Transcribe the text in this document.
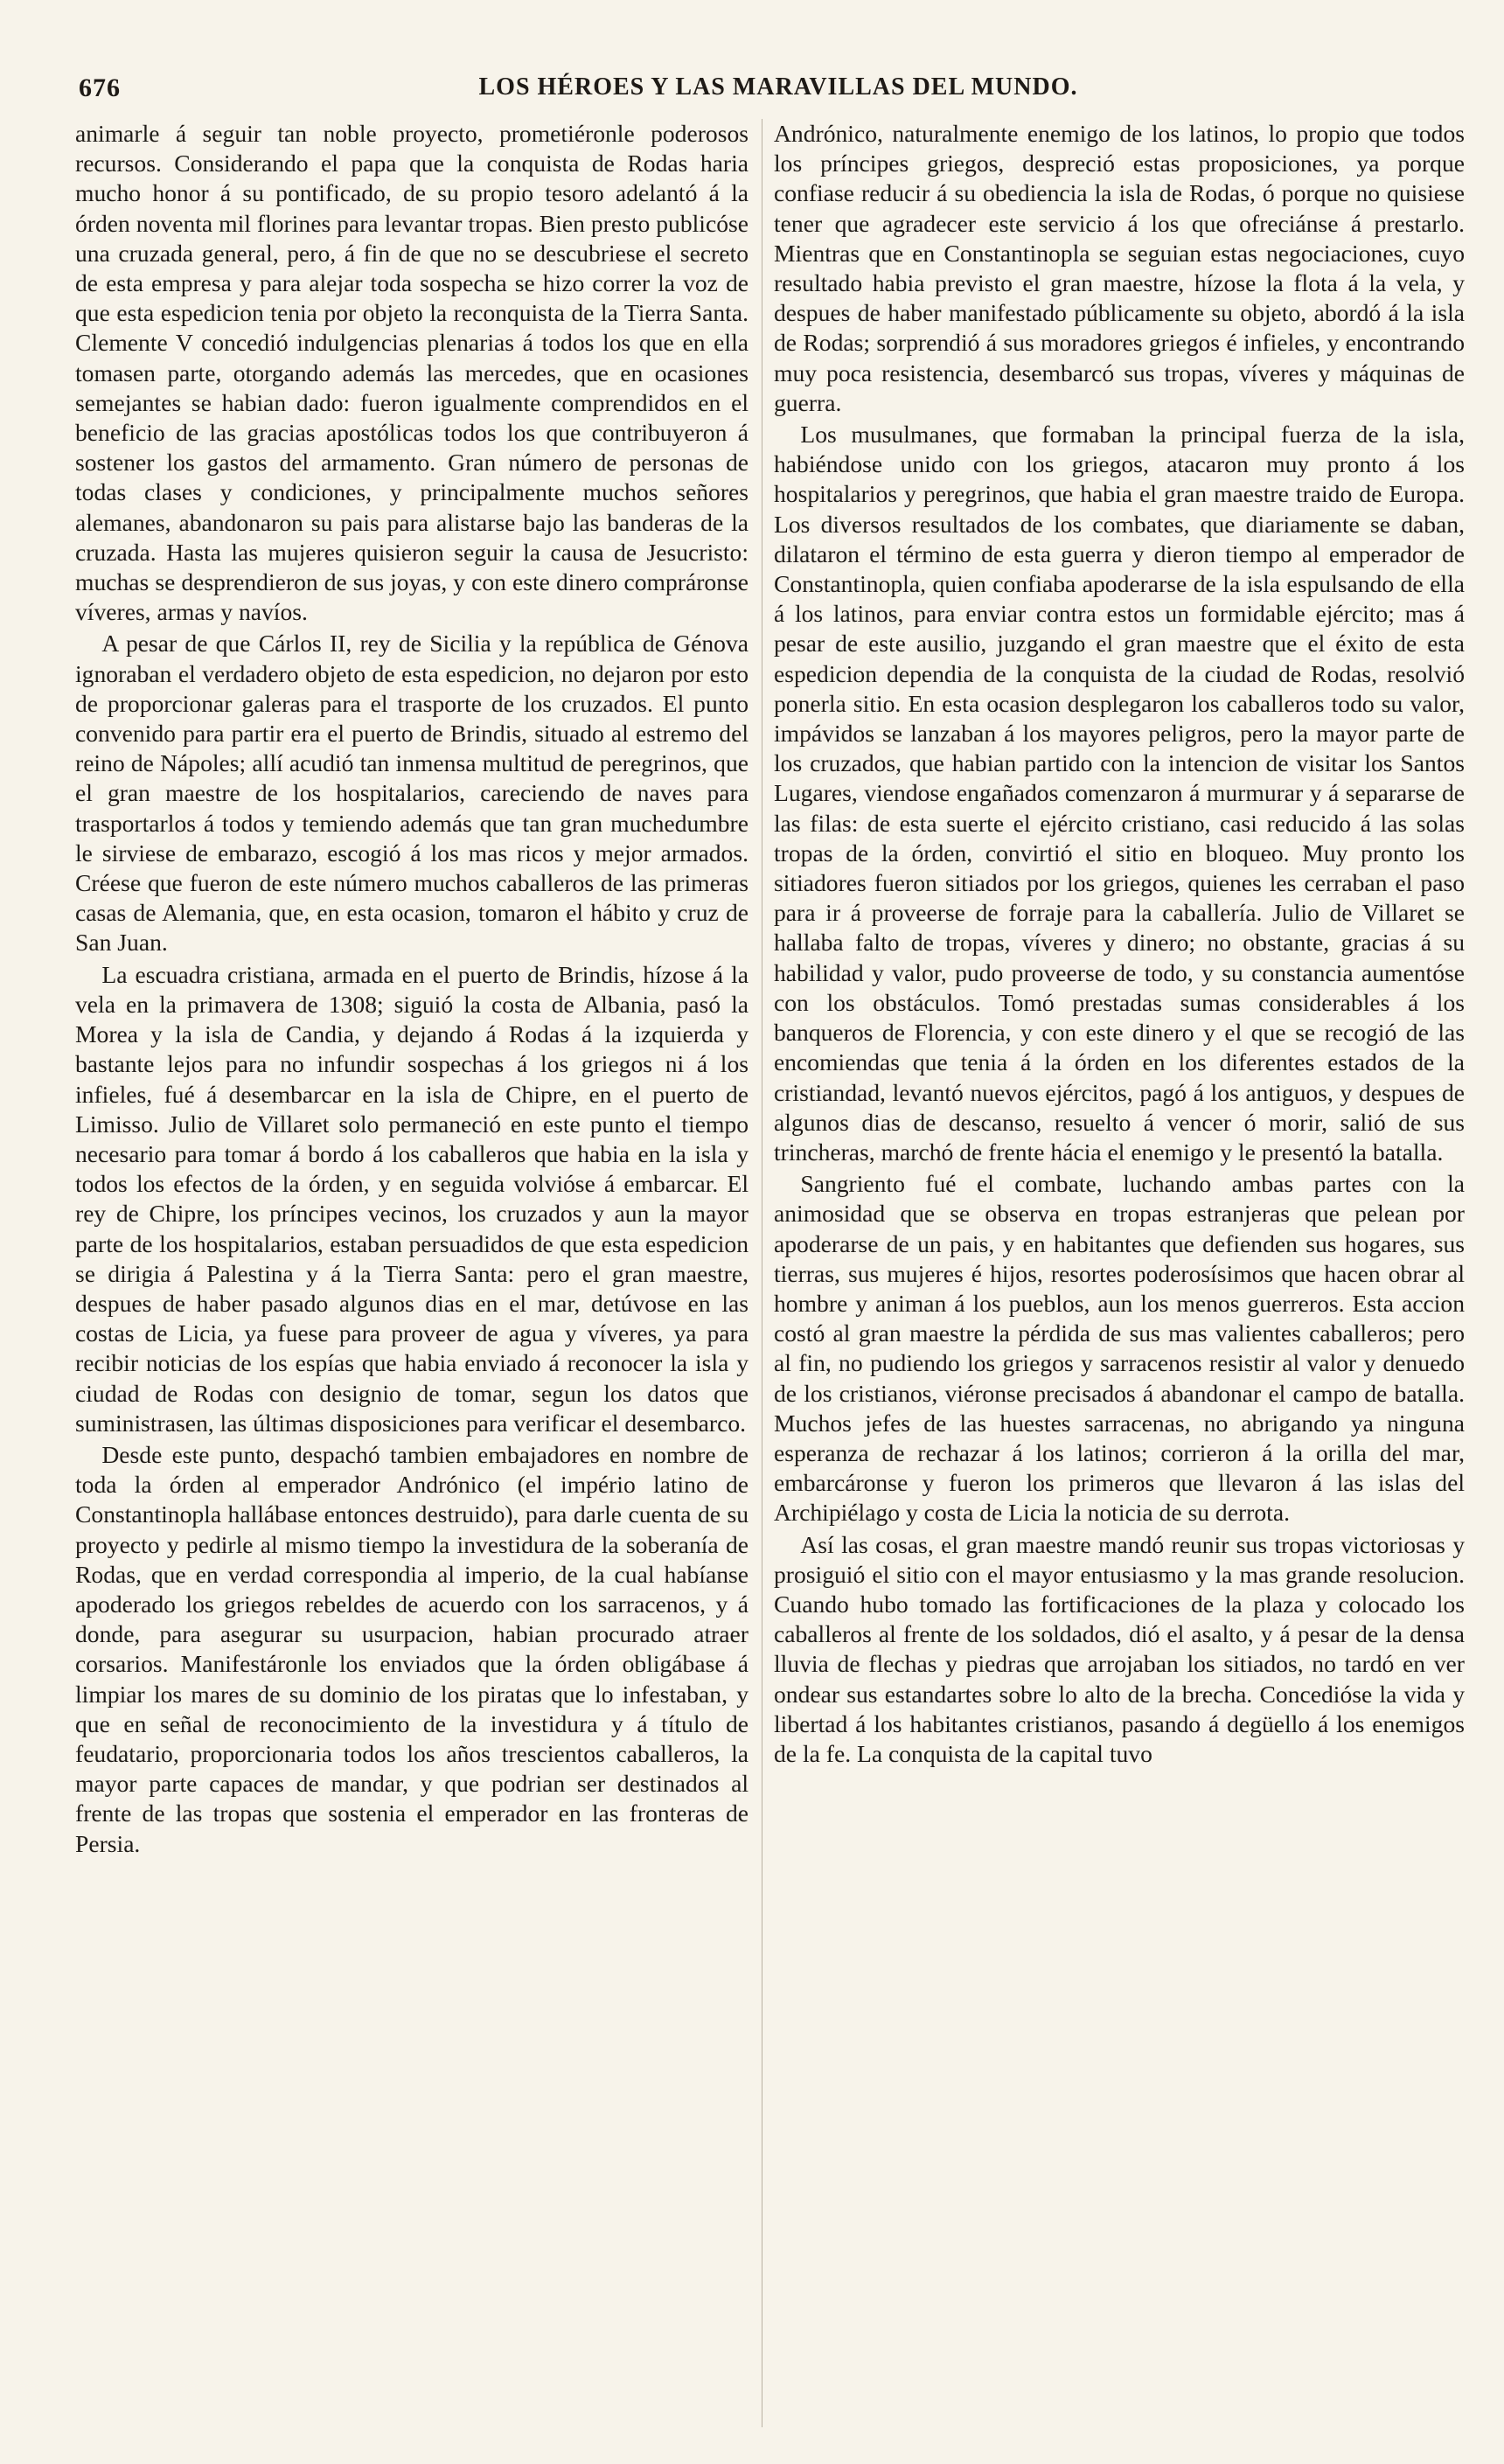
676	LOS HÉROES Y LAS MARAVILLAS DEL MUNDO.

animarle á seguir tan noble proyecto, prometiéronle poderosos recursos. Considerando el papa que la conquista de Rodas haria mucho honor á su pontificado, de su propio tesoro adelantó á la órden noventa mil florines para levantar tropas. Bien presto publicóse una cruzada general, pero, á fin de que no se descubriese el secreto de esta empresa y para alejar toda sospecha se hizo correr la voz de que esta espedicion tenia por objeto la reconquista de la Tierra Santa. Clemente V concedió indulgencias plenarias á todos los que en ella tomasen parte, otorgando además las mercedes, que en ocasiones semejantes se habian dado: fueron igualmente comprendidos en el beneficio de las gracias apostólicas todos los que contribuyeron á sostener los gastos del armamento. Gran número de personas de todas clases y condiciones, y principalmente muchos señores alemanes, abandonaron su pais para alistarse bajo las banderas de la cruzada. Hasta las mujeres quisieron seguir la causa de Jesucristo: muchas se desprendieron de sus joyas, y con este dinero compráronse víveres, armas y navíos.

A pesar de que Cárlos II, rey de Sicilia y la república de Génova ignoraban el verdadero objeto de esta espedicion, no dejaron por esto de proporcionar galeras para el trasporte de los cruzados. El punto convenido para partir era el puerto de Brindis, situado al estremo del reino de Nápoles; allí acudió tan inmensa multitud de peregrinos, que el gran maestre de los hospitalarios, careciendo de naves para trasportarlos á todos y temiendo además que tan gran muchedumbre le sirviese de embarazo, escogió á los mas ricos y mejor armados. Créese que fueron de este número muchos caballeros de las primeras casas de Alemania, que, en esta ocasion, tomaron el hábito y cruz de San Juan.

La escuadra cristiana, armada en el puerto de Brindis, hízose á la vela en la primavera de 1308; siguió la costa de Albania, pasó la Morea y la isla de Candia, y dejando á Rodas á la izquierda y bastante lejos para no infundir sospechas á los griegos ni á los infieles, fué á desembarcar en la isla de Chipre, en el puerto de Limisso. Julio de Villaret solo permaneció en este punto el tiempo necesario para tomar á bordo á los caballeros que habia en la isla y todos los efectos de la órden, y en seguida volvióse á embarcar. El rey de Chipre, los príncipes vecinos, los cruzados y aun la mayor parte de los hospitalarios, estaban persuadidos de que esta espedicion se dirigia á Palestina y á la Tierra Santa: pero el gran maestre, despues de haber pasado algunos dias en el mar, detúvose en las costas de Licia, ya fuese para proveer de agua y víveres, ya para recibir noticias de los espías que habia enviado á reconocer la isla y ciudad de Rodas con designio de tomar, segun los datos que suministrasen, las últimas disposiciones para verificar el desembarco.

Desde este punto, despachó tambien embajadores en nombre de toda la órden al emperador Andrónico (el império latino de Constantinopla hallábase entonces destruido), para darle cuenta de su proyecto y pedirle al mismo tiempo la investidura de la soberanía de Rodas, que en verdad correspondia al imperio, de la cual habíanse apoderado los griegos rebeldes de acuerdo con los sarracenos, y á donde, para asegurar su usurpacion, habian procurado atraer corsarios. Manifestáronle los enviados que la órden obligábase á limpiar los mares de su dominio de los piratas que lo infestaban, y que en señal de reconocimiento de la investidura y á título de feudatario, proporcionaria todos los años trescientos caballeros, la mayor parte capaces de mandar, y que podrian ser destinados al frente de las tropas que sostenia el emperador en las fronteras de Persia.

Andrónico, naturalmente enemigo de los latinos, lo propio que todos los príncipes griegos, despreció estas proposiciones, ya porque confiase reducir á su obediencia la isla de Rodas, ó porque no quisiese tener que agradecer este servicio á los que ofreciánse á prestarlo. Mientras que en Constantinopla se seguian estas negociaciones, cuyo resultado habia previsto el gran maestre, hízose la flota á la vela, y despues de haber manifestado públicamente su objeto, abordó á la isla de Rodas; sorprendió á sus moradores griegos é infieles, y encontrando muy poca resistencia, desembarcó sus tropas, víveres y máquinas de guerra.

Los musulmanes, que formaban la principal fuerza de la isla, habiéndose unido con los griegos, atacaron muy pronto á los hospitalarios y peregrinos, que habia el gran maestre traido de Europa. Los diversos resultados de los combates, que diariamente se daban, dilataron el término de esta guerra y dieron tiempo al emperador de Constantinopla, quien confiaba apoderarse de la isla espulsando de ella á los latinos, para enviar contra estos un formidable ejército; mas á pesar de este ausilio, juzgando el gran maestre que el éxito de esta espedicion dependia de la conquista de la ciudad de Rodas, resolvió ponerla sitio. En esta ocasion desplegaron los caballeros todo su valor, impávidos se lanzaban á los mayores peligros, pero la mayor parte de los cruzados, que habian partido con la intencion de visitar los Santos Lugares, viendose engañados comenzaron á murmurar y á separarse de las filas: de esta suerte el ejército cristiano, casi reducido á las solas tropas de la órden, convirtió el sitio en bloqueo. Muy pronto los sitiadores fueron sitiados por los griegos, quienes les cerraban el paso para ir á proveerse de forraje para la caballería. Julio de Villaret se hallaba falto de tropas, víveres y dinero; no obstante, gracias á su habilidad y valor, pudo proveerse de todo, y su constancia aumentóse con los obstáculos. Tomó prestadas sumas considerables á los banqueros de Florencia, y con este dinero y el que se recogió de las encomiendas que tenia á la órden en los diferentes estados de la cristiandad, levantó nuevos ejércitos, pagó á los antiguos, y despues de algunos dias de descanso, resuelto á vencer ó morir, salió de sus trincheras, marchó de frente hácia el enemigo y le presentó la batalla.

Sangriento fué el combate, luchando ambas partes con la animosidad que se observa en tropas estranjeras que pelean por apoderarse de un pais, y en habitantes que defienden sus hogares, sus tierras, sus mujeres é hijos, resortes poderosísimos que hacen obrar al hombre y animan á los pueblos, aun los menos guerreros. Esta accion costó al gran maestre la pérdida de sus mas valientes caballeros; pero al fin, no pudiendo los griegos y sarracenos resistir al valor y denuedo de los cristianos, viéronse precisados á abandonar el campo de batalla. Muchos jefes de las huestes sarracenas, no abrigando ya ninguna esperanza de rechazar á los latinos; corrieron á la orilla del mar, embarcáronse y fueron los primeros que llevaron á las islas del Archipiélago y costa de Licia la noticia de su derrota.

Así las cosas, el gran maestre mandó reunir sus tropas victoriosas y prosiguió el sitio con el mayor entusiasmo y la mas grande resolucion. Cuando hubo tomado las fortificaciones de la plaza y colocado los caballeros al frente de los soldados, dió el asalto, y á pesar de la densa lluvia de flechas y piedras que arrojaban los sitiados, no tardó en ver ondear sus estandartes sobre lo alto de la brecha. Concedióse la vida y libertad á los habitantes cristianos, pasando á degüello á los enemigos de la fe. La conquista de la capital tuvo
